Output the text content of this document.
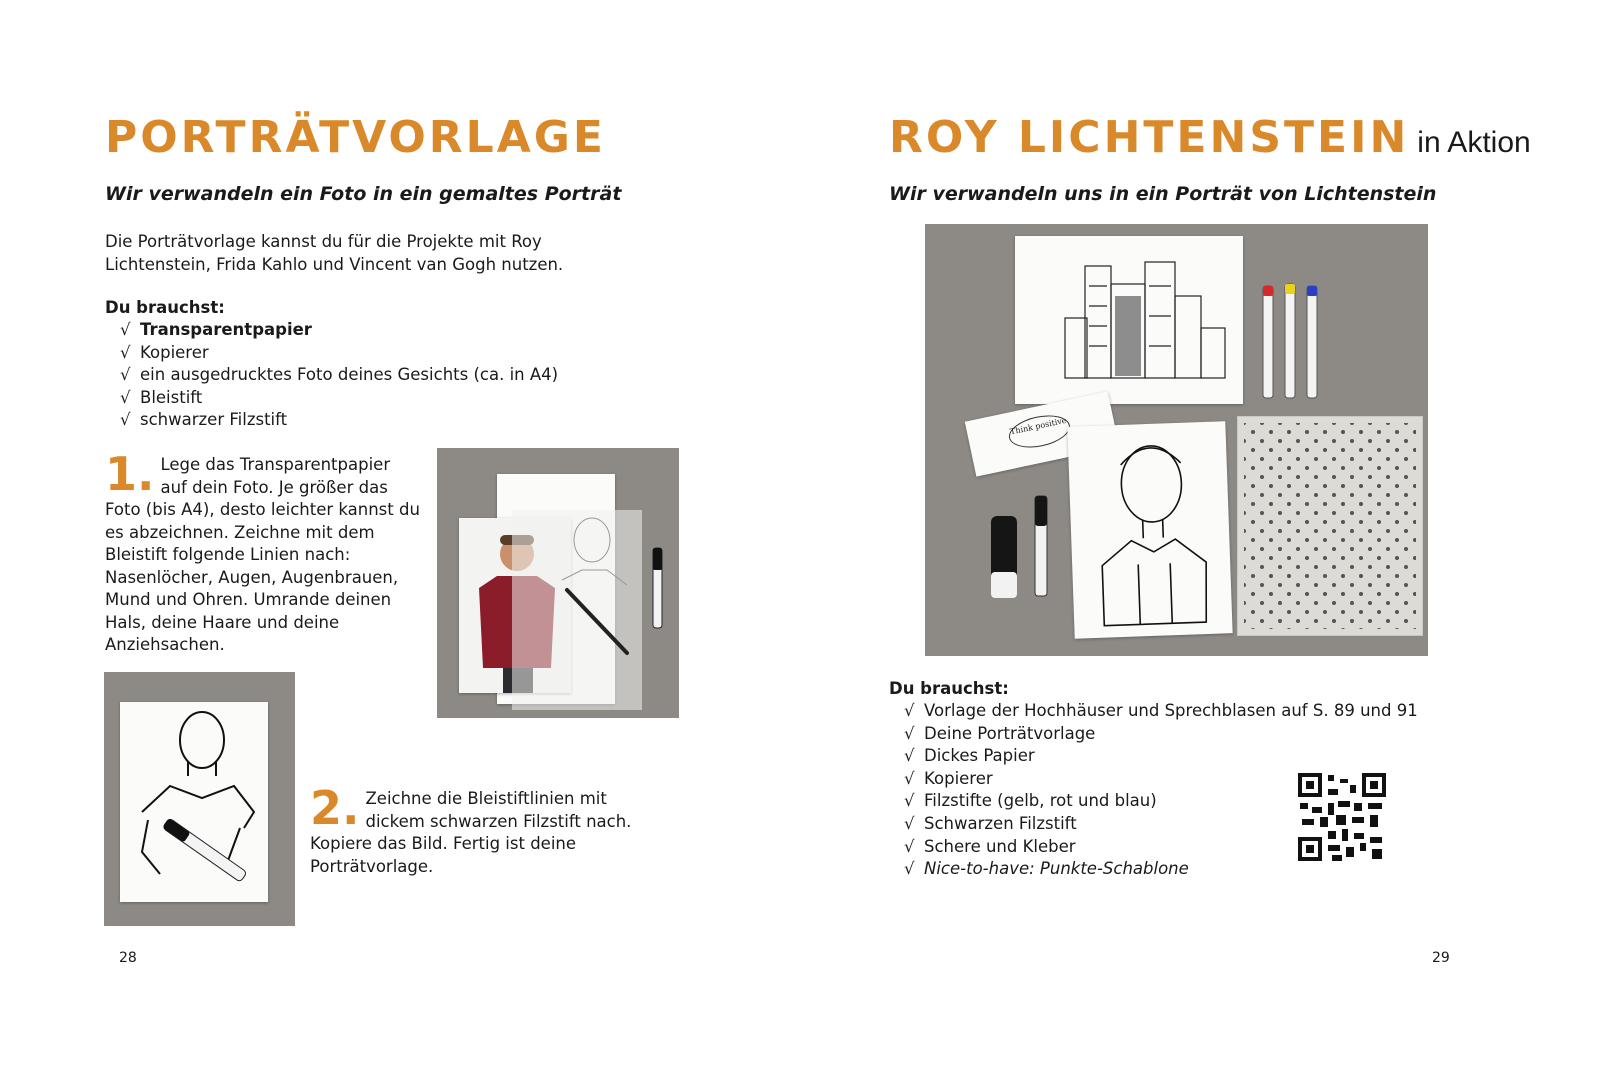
PORTRÄTVORLAGE
Wir verwandeln ein Foto in ein gemaltes Porträt
Die Porträtvorlage kannst du für die Projekte mit Roy Lichtenstein, Frida Kahlo und Vincent van Gogh nutzen.
Du brauchst:
√ Transparentpapier
√ Kopierer
√ ein ausgedrucktes Foto deines Gesichts (ca. in A4)
√ Bleistift
√ schwarzer Filzstift
1. Lege das Transparentpapier auf dein Foto. Je größer das Foto (bis A4), desto leichter kannst du es abzeichnen. Zeichne mit dem Bleistift folgende Linien nach: Nasenlöcher, Augen, Augenbrauen, Mund und Ohren. Umrande deinen Hals, deine Haare und deine Anziehsachen.
2. Zeichne die Bleistiftlinien mit dickem schwarzen Filzstift nach. Kopiere das Bild. Fertig ist deine Porträtvorlage.
28
ROY LICHTENSTEIN in Aktion
Wir verwandeln uns in ein Porträt von Lichtenstein
Think positive
Du brauchst:
√ Vorlage der Hochhäuser und Sprechblasen auf S. 89 und 91
√ Deine Porträtvorlage
√ Dickes Papier
√ Kopierer
√ Filzstifte (gelb, rot und blau)
√ Schwarzen Filzstift
√ Schere und Kleber
√ Nice-to-have: Punkte-Schablone
29
